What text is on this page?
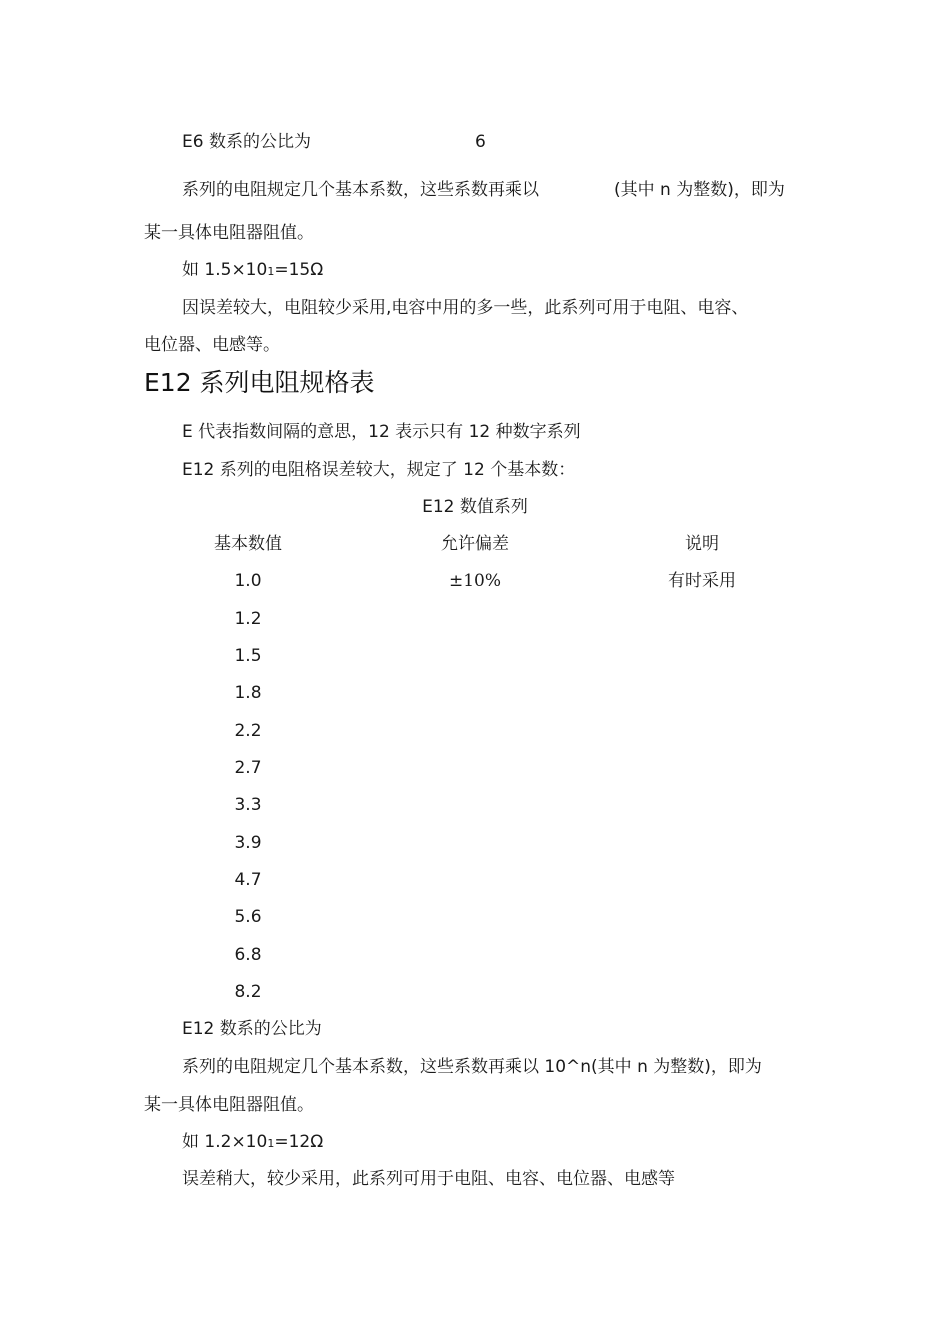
E6 数系的公比为	6
系列的电阻规定几个基本系数，这些系数再乘以	(其中 n 为整数)，即为
某一具体电阻器阻值。
如 1.5×101=15Ω
因误差较大，电阻较少采用,电容中用的多一些，此系列可用于电阻、电容、
电位器、电感等。
E12 系列电阻规格表
E 代表指数间隔的意思，12 表示只有 12 种数字系列
E12 系列的电阻格误差较大，规定了 12 个基本数：
E12 数值系列
基本数值	允许偏差	说明
1.0	±10%	有时采用
1.2
1.5
1.8
2.2
2.7
3.3
3.9
4.7
5.6
6.8
8.2
E12 数系的公比为
系列的电阻规定几个基本系数，这些系数再乘以 10^n(其中 n 为整数)，即为
某一具体电阻器阻值。
如 1.2×101=12Ω
误差稍大，较少采用，此系列可用于电阻、电容、电位器、电感等
